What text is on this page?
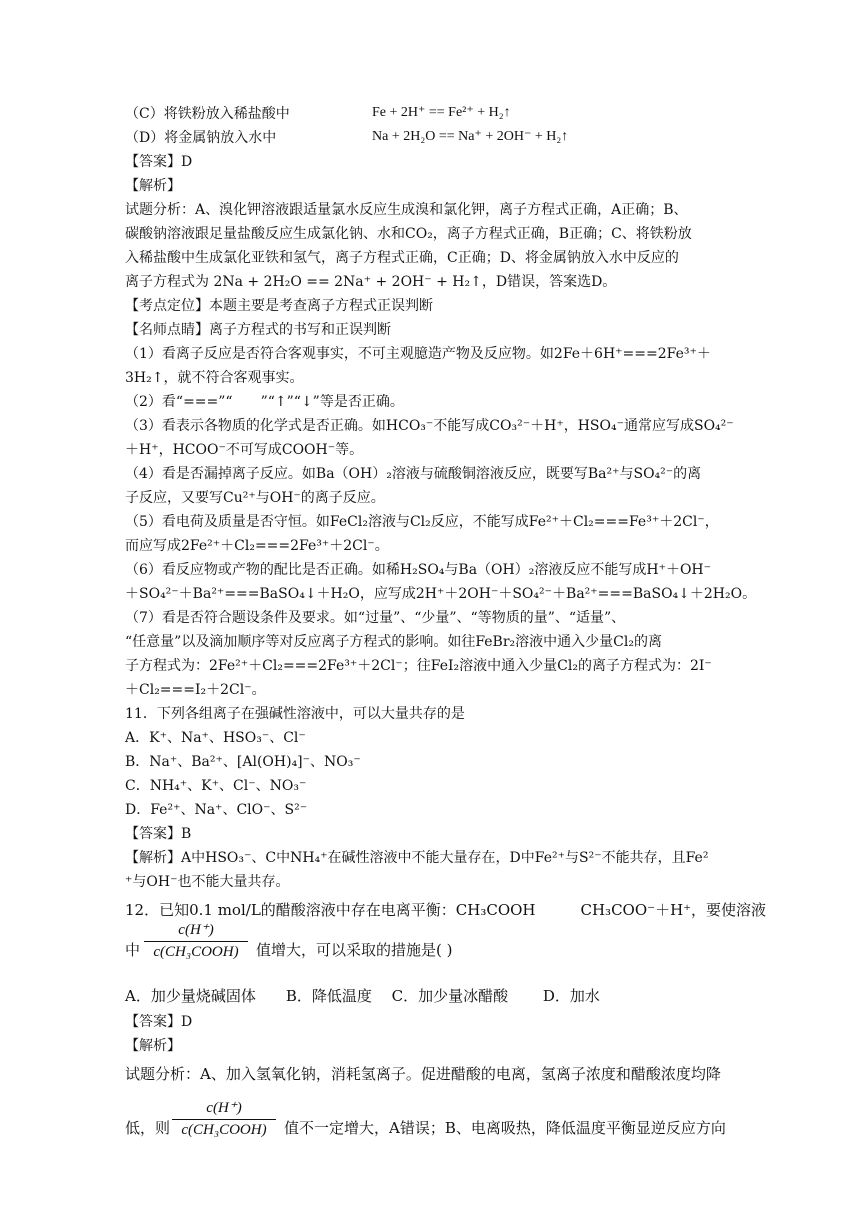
（C）将铁粉放入稀盐酸中	Fe + 2H⁺ == Fe²⁺ + H₂↑
（D）将金属钠放入水中	Na + 2H₂O == Na⁺ + 2OH⁻ + H₂↑
【答案】D
【解析】
试题分析：A、溴化钾溶液跟适量氯水反应生成溴和氯化钾，离子方程式正确，A正确；B、
碳酸钠溶液跟足量盐酸反应生成氯化钠、水和CO₂，离子方程式正确，B正确；C、将铁粉放
入稀盐酸中生成氯化亚铁和氢气，离子方程式正确，C正确；D、将金属钠放入水中反应的
离子方程式为 2Na + 2H₂O == 2Na⁺ + 2OH⁻ + H₂↑，D错误，答案选D。
【考点定位】本题主要是考查离子方程式正误判断
【名师点睛】离子方程式的书写和正误判断
（1）看离子反应是否符合客观事实，不可主观臆造产物及反应物。如2Fe＋6H⁺===2Fe³⁺＋
3H₂↑，就不符合客观事实。
（2）看“===”“　　”“↑”“↓”等是否正确。
（3）看表示各物质的化学式是否正确。如HCO₃⁻不能写成CO₃²⁻＋H⁺，HSO₄⁻通常应写成SO₄²⁻
＋H⁺，HCOO⁻不可写成COOH⁻等。
（4）看是否漏掉离子反应。如Ba（OH）₂溶液与硫酸铜溶液反应，既要写Ba²⁺与SO₄²⁻的离
子反应，又要写Cu²⁺与OH⁻的离子反应。
（5）看电荷及质量是否守恒。如FeCl₂溶液与Cl₂反应，不能写成Fe²⁺＋Cl₂===Fe³⁺＋2Cl⁻，
而应写成2Fe²⁺＋Cl₂===2Fe³⁺＋2Cl⁻。
（6）看反应物或产物的配比是否正确。如稀H₂SO₄与Ba（OH）₂溶液反应不能写成H⁺＋OH⁻
＋SO₄²⁻＋Ba²⁺===BaSO₄↓＋H₂O，应写成2H⁺＋2OH⁻＋SO₄²⁻＋Ba²⁺===BaSO₄↓＋2H₂O。
（7）看是否符合题设条件及要求。如“过量”、“少量”、“等物质的量”、“适量”、
“任意量”以及滴加顺序等对反应离子方程式的影响。如往FeBr₂溶液中通入少量Cl₂的离
子方程式为：2Fe²⁺＋Cl₂===2Fe³⁺＋2Cl⁻；往FeI₂溶液中通入少量Cl₂的离子方程式为：2I⁻
＋Cl₂===I₂＋2Cl⁻。
11．下列各组离子在强碱性溶液中，可以大量共存的是
A．K⁺、Na⁺、HSO₃⁻、Cl⁻
B．Na⁺、Ba²⁺、[Al(OH)₄]⁻、NO₃⁻
C．NH₄⁺、K⁺、Cl⁻、NO₃⁻
D．Fe²⁺、Na⁺、ClO⁻、S²⁻
【答案】B
【解析】A中HSO₃⁻、C中NH₄⁺在碱性溶液中不能大量存在，D中Fe²⁺与S²⁻不能共存，且Fe²
⁺与OH⁻也不能大量共存。
12．已知0.1 mol/L的醋酸溶液中存在电离平衡：CH₃COOH　　　CH₃COO⁻＋H⁺，要使溶液
中
c(H⁺)
c(CH₃COOH)	值增大，可以采取的措施是( )
A．加少量烧碱固体　　B．降低温度　 C．加少量冰醋酸　　 D．加水
【答案】D
【解析】
试题分析：A、加入氢氧化钠，消耗氢离子。促进醋酸的电离，氢离子浓度和醋酸浓度均降
低，则
c(H⁺)
c(CH₃COOH)	值不一定增大，A错误；B、电离吸热，降低温度平衡显逆反应方向
